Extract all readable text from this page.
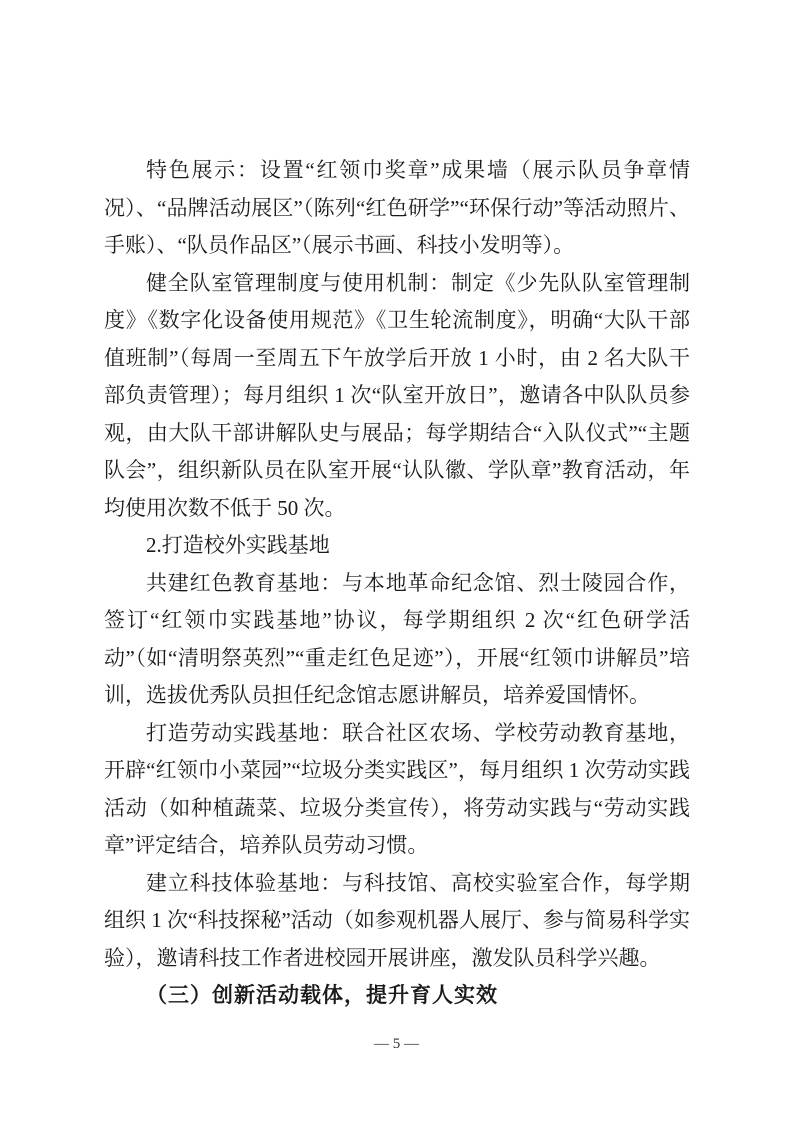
特色展示：设置“红领巾奖章”成果墙（展示队员争章情况）、“品牌活动展区”（陈列“红色研学”“环保行动”等活动照片、手账）、“队员作品区”（展示书画、科技小发明等）。

健全队室管理制度与使用机制：制定《少先队队室管理制度》《数字化设备使用规范》《卫生轮流制度》，明确“大队干部值班制”（每周一至周五下午放学后开放 1 小时，由 2 名大队干部负责管理）；每月组织 1 次“队室开放日”，邀请各中队队员参观，由大队干部讲解队史与展品；每学期结合“入队仪式”“主题队会”，组织新队员在队室开展“认队徽、学队章”教育活动，年均使用次数不低于 50 次。

2.打造校外实践基地

共建红色教育基地：与本地革命纪念馆、烈士陵园合作，签订“红领巾实践基地”协议，每学期组织 2 次“红色研学活动”（如“清明祭英烈”“重走红色足迹”），开展“红领巾讲解员”培训，选拔优秀队员担任纪念馆志愿讲解员，培养爱国情怀。

打造劳动实践基地：联合社区农场、学校劳动教育基地，开辟“红领巾小菜园”“垃圾分类实践区”，每月组织 1 次劳动实践活动（如种植蔬菜、垃圾分类宣传），将劳动实践与“劳动实践章”评定结合，培养队员劳动习惯。

建立科技体验基地：与科技馆、高校实验室合作，每学期组织 1 次“科技探秘”活动（如参观机器人展厅、参与简易科学实验），邀请科技工作者进校园开展讲座，激发队员科学兴趣。

（三）创新活动载体，提升育人实效

— 5 —
